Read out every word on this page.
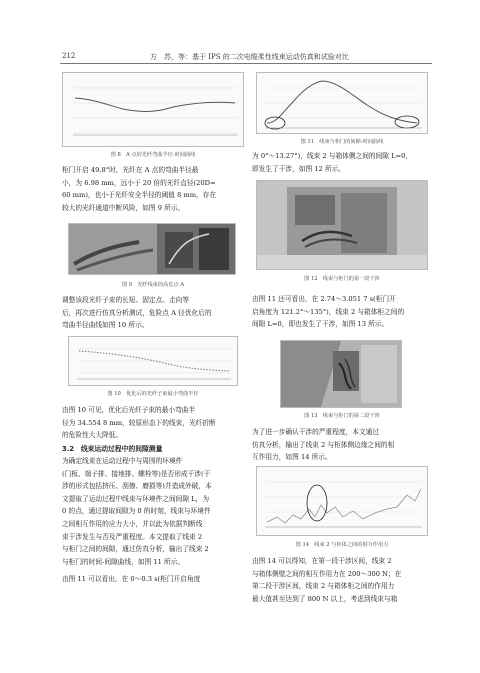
212	方　苏，等：基于 IPS 的二次电缆柔性线束运动仿真和试验对比
图 8　A 点的光纤弯曲半径-时间曲线

柜门开启 49.8°时，光纤在 A 点的弯曲半径最

小，为 6.98 mm，远小于 20 倍的光纤直径(20D=

60 mm)，也小于光纤安全半径的阈值 8 mm，存在

较大的光纤通道中断风险，如图 9 所示。

图 9　光纤线束的高危点 A

调整该段光纤子束的长短、固定点、走向等

后，再次进行仿真分析测试，危险点 A 径优化后的

弯曲半径曲线如图 10 所示。

图 10　优化后的光纤子束最小弯曲半径

由图 10 可见，优化后光纤子束的最小弯曲半

径为 34.554 8 mm，较原形态下的线束，光纤折断

的危险性大大降低。

3.2　线束运动过程中的间隙测量

为确定线束在运动过程中与周围的环境件

(门板、端子排、接地排、螺栓等)是否形成干涉(干

涉的形式包括挤压、刮擦、磨损等)并造成外破，本

文提取了运动过程中线束与环境件之间间隙 L，为

0 的点，通过提取间隙为 0 的时刻，线束与环境件

之间相互作用的应力大小，并以此为依据判断线

束干涉发生与否及严重程度。本文提取了线束 2

与柜门之间的间隙，通过仿真分析，输出了线束 2

与柜门的时间-间隙曲线，如图 11 所示。

由图 11 可以看出，在 0～0.3 s(柜门开启角度

图 11　线束与柜门的间隙-时间曲线

为 0°～13.27°)，线束 2 与箱体侧之间的间隙 L=0，

即发生了干涉，如图 12 所示。

图 12　线束与柜门的第一段干涉

由图 11 还可看出，在 2.74～3.051 7 s(柜门开

启角度为 121.2°～135°)，线束 2 与箱体柜之间的

间隙 L=0，即也发生了干涉，如图 13 所示。

图 13　线束与柜门的第二段干涉

为了进一步确认干涉的严重程度，本文通过

仿真分析，输出了线束 2 与柜体侧边缘之间的相

互作用力，如图 14 所示。

图 14　线束 2 与柜体之间的相互作用力

由图 14 可以得知，在第一段干涉区间，线束 2

与箱体侧壁之间的相互作用力在 200～300 N；在

第二段干涉区间，线束 2 与箱体柜之间的作用力

最大值甚至达到了 800 N 以上，考虑到线束与箱
